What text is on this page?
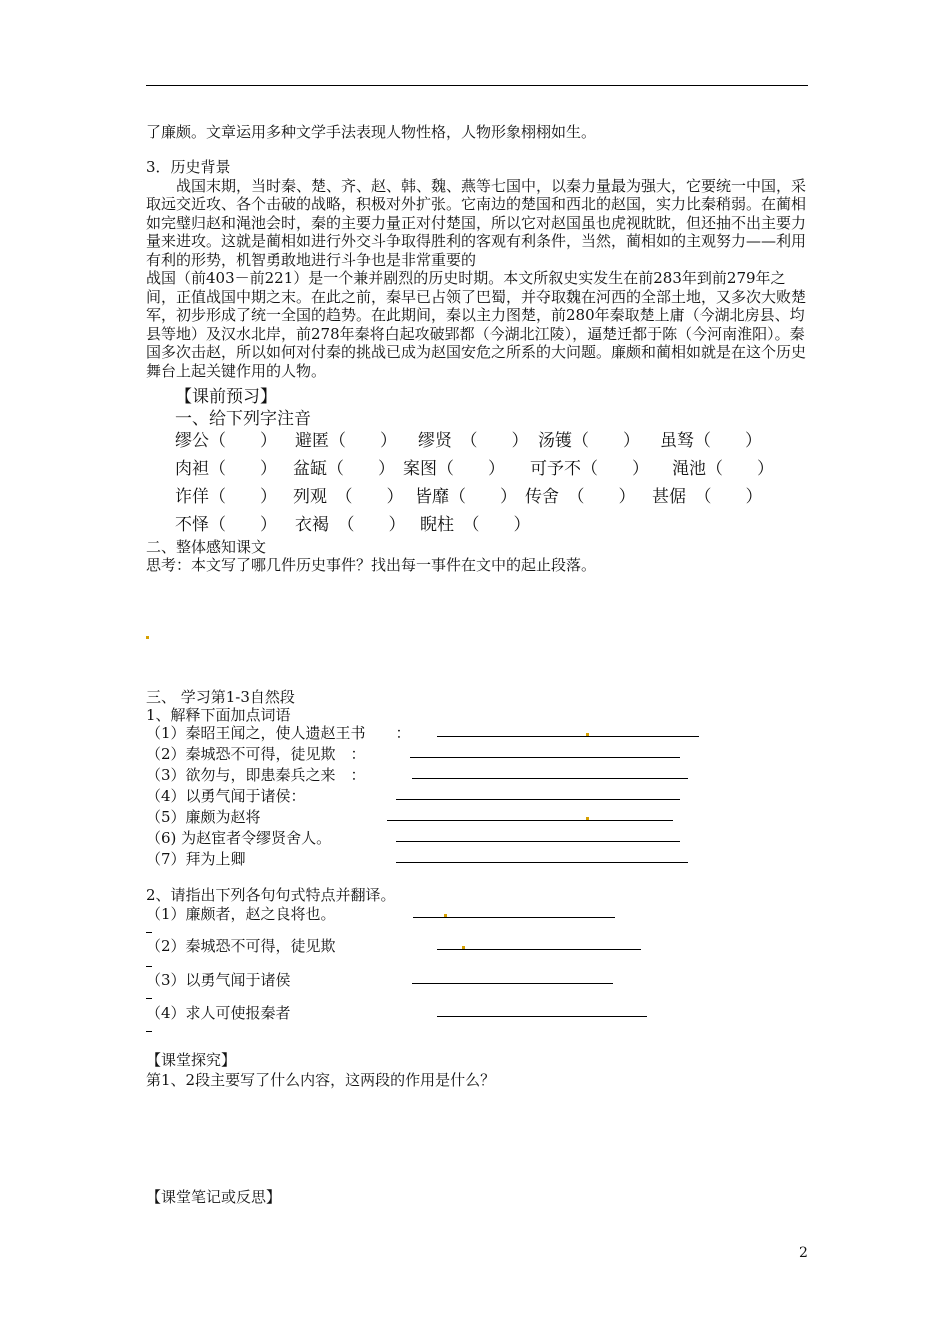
了廉颇。文章运用多种文学手法表现人物性格，人物形象栩栩如生。

3．历史背景

战国末期，当时秦、楚、齐、赵、韩、魏、燕等七国中，以秦力量最为强大，它要统一中国，采取远交近攻、各个击破的战略，积极对外扩张。它南边的楚国和西北的赵国，实力比秦稍弱。在蔺相如完璧归赵和渑池会时，秦的主要力量正对付楚国，所以它对赵国虽也虎视眈眈，但还抽不出主要力量来进攻。这就是蔺相如进行外交斗争取得胜利的客观有利条件，当然，蔺相如的主观努力——利用有利的形势，机智勇敢地进行斗争也是非常重要的

战国（前403－前221）是一个兼并剧烈的历史时期。本文所叙史实发生在前283年到前279年之间，正值战国中期之末。在此之前，秦早已占领了巴蜀，并夺取魏在河西的全部土地，又多次大败楚军，初步形成了统一全国的趋势。在此期间，秦以主力图楚，前280年秦取楚上庸（今湖北房县、均县等地）及汉水北岸，前278年秦将白起攻破郢都（今湖北江陵），逼楚迁都于陈（今河南淮阳）。秦国多次击赵，所以如何对付秦的挑战已成为赵国安危之所系的大问题。廉颇和蔺相如就是在这个历史舞台上起关键作用的人物。

【课前预习】
一、给下列字注音
缪公（　　） 避匿（　　） 缪贤　（　　） 汤镬（　　） 虽驽（　　）
肉袒（　　） 盆缻（　　） 案图（　　） 可予不（　　） 渑池（　　）
诈佯（　　） 列观　（　　） 皆靡（　　） 传舍　（　　） 甚倨　（　　）
不怿（　　） 衣褐　（　　） 睨柱　（　　）
二、整体感知课文
思考：本文写了哪几件历史事件？找出每一事件在文中的起止段落。
三、 学习第1-3自然段
1、解释下面加点词语
（1）秦昭王闻之，使人遗赵王书　　：
（2）秦城恐不可得，徒见欺　：
（3）欲勿与，即患秦兵之来　：
（4）以勇气闻于诸侯：
（5）廉颇为赵将
（6) 为赵宦者令缪贤舍人。
（7）拜为上卿
2、请指出下列各句句式特点并翻译。
（1）廉颇者，赵之良将也。
（2）秦城恐不可得，徒见欺
（3）以勇气闻于诸侯
（4）求人可使报秦者
【课堂探究】
第1、2段主要写了什么内容，这两段的作用是什么？
【课堂笔记或反思】
2
